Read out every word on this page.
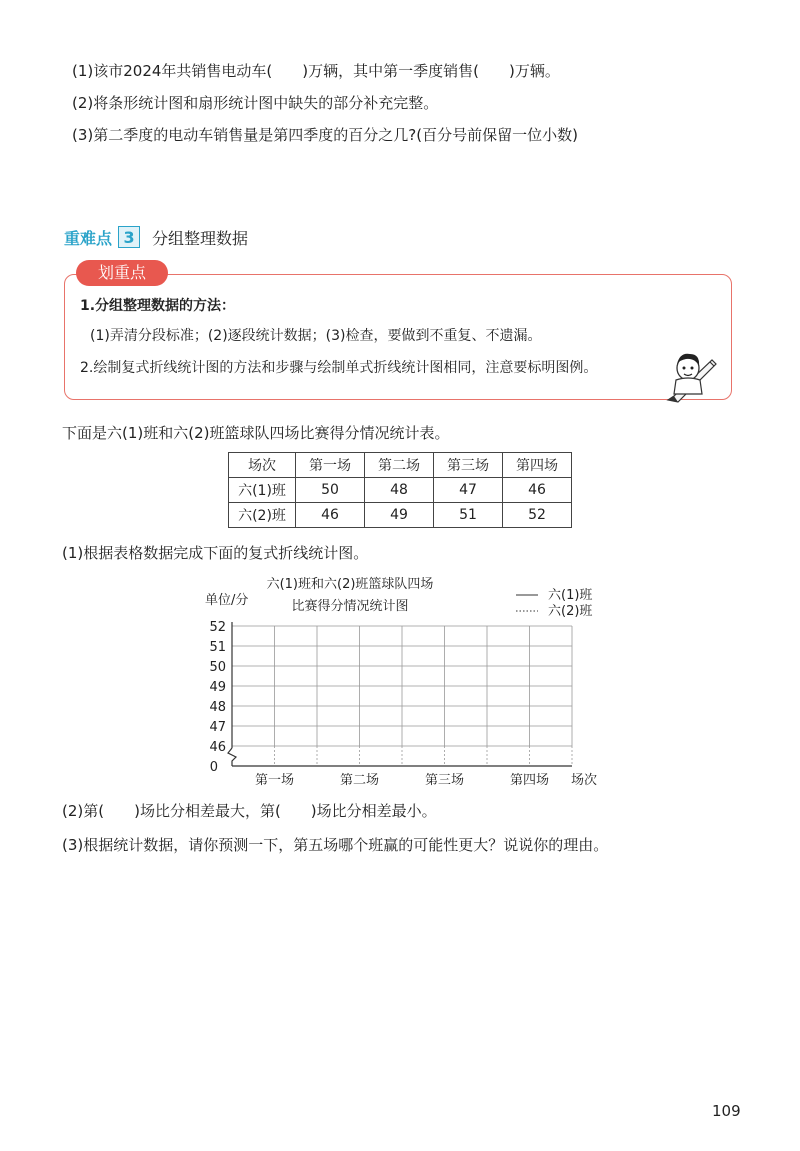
(1)该市2024年共销售电动车(　　)万辆，其中第一季度销售(　　)万辆。
(2)将条形统计图和扇形统计图中缺失的部分补充完整。
(3)第二季度的电动车销售量是第四季度的百分之几?(百分号前保留一位小数)
重难点 3	分组整理数据
划重点
1.分组整理数据的方法：
(1)弄清分段标准；(2)逐段统计数据；(3)检查，要做到不重复、不遗漏。
2.绘制复式折线统计图的方法和步骤与绘制单式折线统计图相同，注意要标明图例。
下面是六(1)班和六(2)班篮球队四场比赛得分情况统计表。
场次	第一场	第二场	第三场	第四场
六(1)班	50	48	47	46
六(2)班	46	49	51	52
(1)根据表格数据完成下面的复式折线统计图。
六(1)班和六(2)班篮球队四场
比赛得分情况统计图
单位/分	六(1)班
六(2)班
52
51
50
49
48
47
46
0
第一场	第二场	第三场	第四场 场次
(2)第(　　)场比分相差最大，第(　　)场比分相差最小。
(3)根据统计数据，请你预测一下，第五场哪个班赢的可能性更大？说说你的理由。
109
